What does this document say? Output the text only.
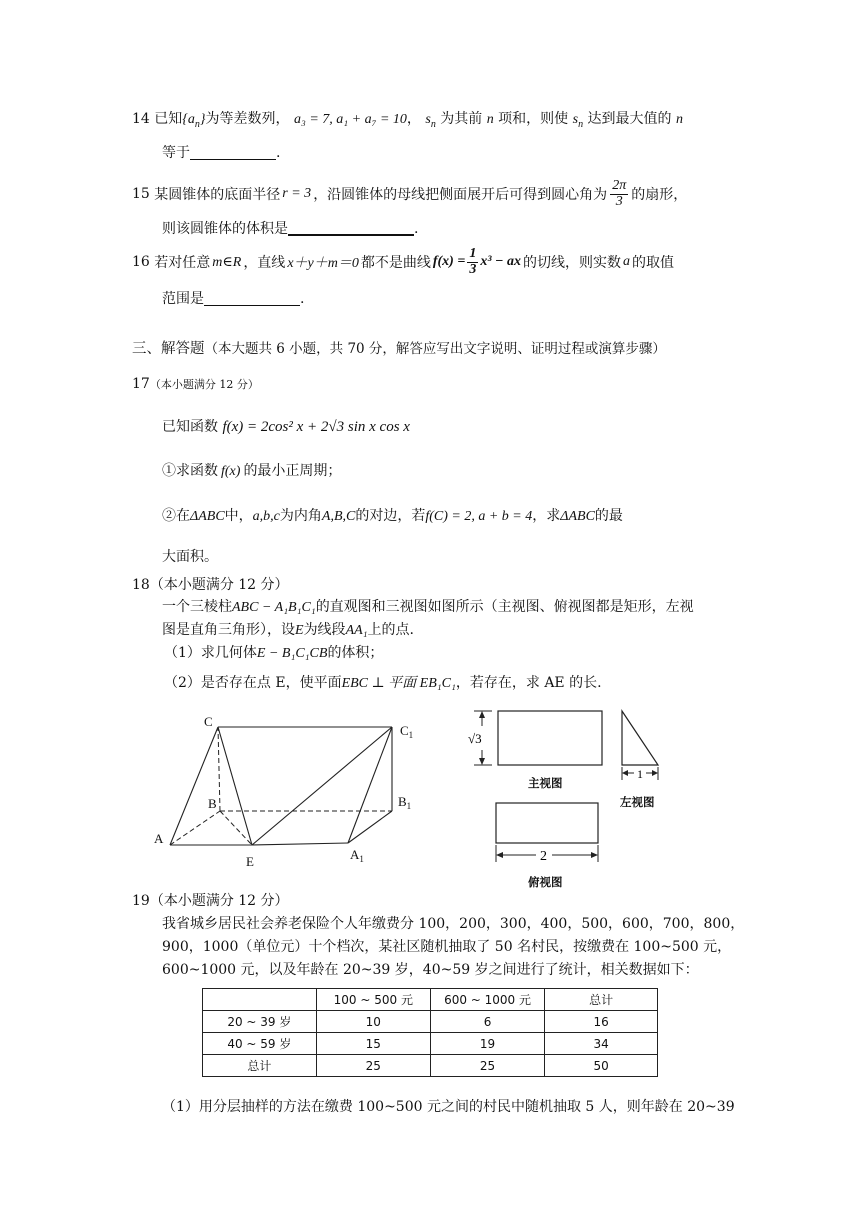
14 已知$\{a_n\}$为等差数列， a₃ = 7, a₁ + a₇ = 10， $s_n$ 为其前 n 项和，则使 $s_n$ 达到最大值的 n
等于	.
15
某圆锥体的底面半径 r = 3 ，沿圆锥体的母线把侧面展开后可得到圆心角为 $\frac{2\pi}{3}$ 的扇形，
则该圆锥体的体积是	.
16
若对任意 m∈R ，直线 x＋y＋m＝0 都不是曲线 $f(x) = \frac{1}{3} x^3$ − ax 的切线，则实数 a 的取值
范围是	.
三、解答题（本大题共 6 小题，共 70 分，解答应写出文字说明、证明过程或演算步骤）
17（本小题满分 12 分）
已知函数 f(x) = 2cos² x + 2√3 sin x cos x
①求函数 f(x) 的最小正周期；
②在ΔABC中，a,b,c为内角A,B,C的对边，若f(C) = 2, a + b = 4，求ΔABC的最
大面积。
18（本小题满分 12 分）
一个三棱柱ABC − A₁B₁C₁的直观图和三视图如图所示（主视图、俯视图都是矩形，左视
图是直角三角形），设E为线段AA₁上的点.
（1）求几何体E − B₁C₁CB的体积；
（2）是否存在点 E，使平面EBC ⊥ 平面 EB₁C₁，若存在，求 AE 的长.
C
$C_1$
B	$B_1$
A
$A_1$
E
√3
主视图
1
左视图
2
俯视图
19（本小题满分 12 分）
我省城乡居民社会养老保险个人年缴费分 100，200，300，400，500，600，700，800，
900，1000（单位元）十个档次，某社区随机抽取了 50 名村民，按缴费在 100~500 元，
600~1000 元，以及年龄在 20~39 岁，40~59 岁之间进行了统计，相关数据如下：
	100 ~ 500 元	600 ~ 1000 元	总计
20 ~ 39 岁	10	6	16
40 ~ 59 岁	15	19	34
总计	25	25	50
（1）用分层抽样的方法在缴费 100~500 元之间的村民中随机抽取 5 人，则年龄在 20~39
